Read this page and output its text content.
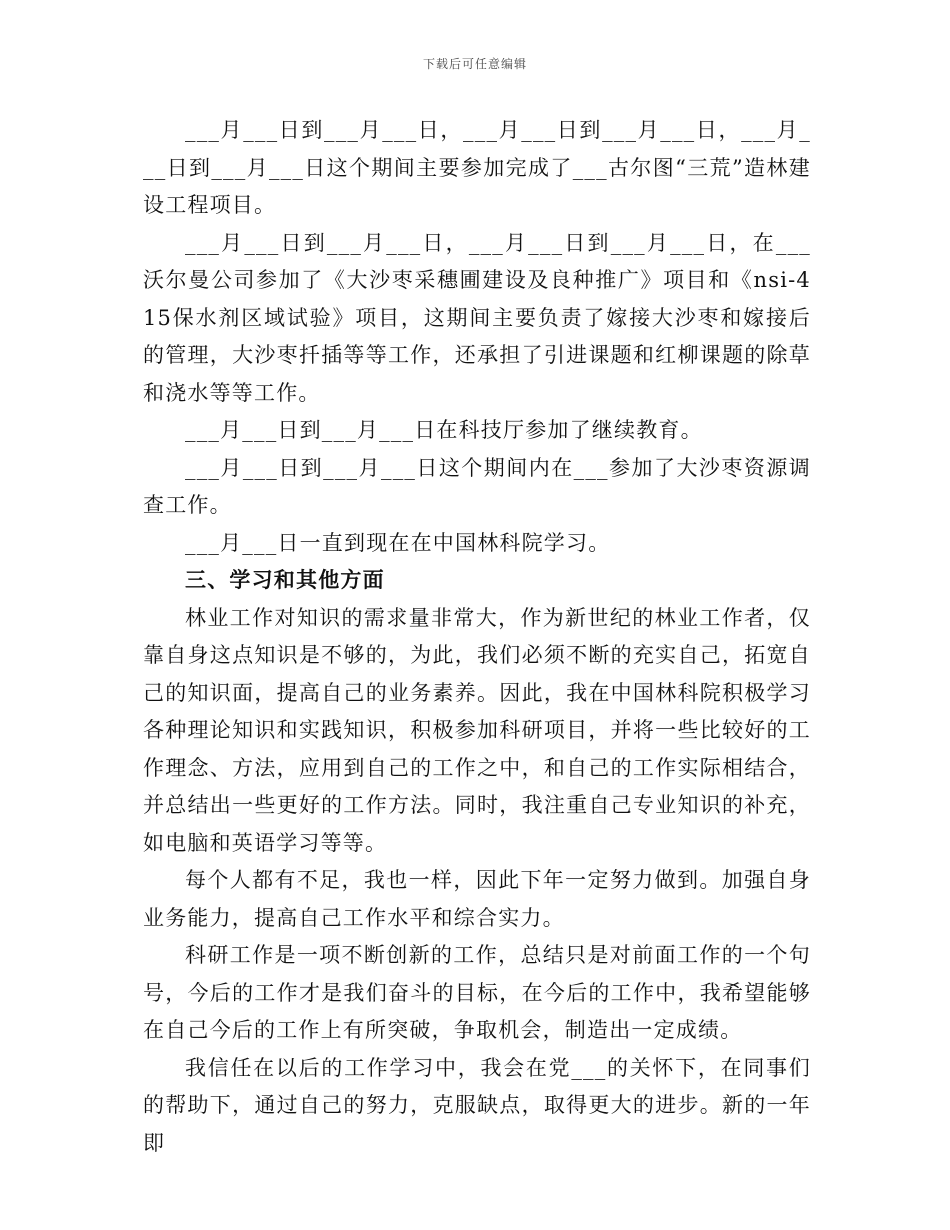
下载后可任意编辑

___月___日到___月___日，___月___日到___月___日，___月___日到___月___日这个期间主要参加完成了___古尔图“三荒”造林建设工程项目。

___月___日到___月___日，___月___日到___月___日，在___沃尔曼公司参加了《大沙枣采穗圃建设及良种推广》项目和《nsi-415保水剂区域试验》项目，这期间主要负责了嫁接大沙枣和嫁接后的管理，大沙枣扦插等等工作，还承担了引进课题和红柳课题的除草和浇水等等工作。

___月___日到___月___日在科技厅参加了继续教育。

___月___日到___月___日这个期间内在___参加了大沙枣资源调查工作。

___月___日一直到现在在中国林科院学习。

三、学习和其他方面

林业工作对知识的需求量非常大，作为新世纪的林业工作者，仅靠自身这点知识是不够的，为此，我们必须不断的充实自己，拓宽自己的知识面，提高自己的业务素养。因此，我在中国林科院积极学习各种理论知识和实践知识，积极参加科研项目，并将一些比较好的工作理念、方法，应用到自己的工作之中，和自己的工作实际相结合，并总结出一些更好的工作方法。同时，我注重自己专业知识的补充，如电脑和英语学习等等。

每个人都有不足，我也一样，因此下年一定努力做到。加强自身业务能力，提高自己工作水平和综合实力。

科研工作是一项不断创新的工作，总结只是对前面工作的一个句号，今后的工作才是我们奋斗的目标，在今后的工作中，我希望能够在自己今后的工作上有所突破，争取机会，制造出一定成绩。

我信任在以后的工作学习中，我会在党___的关怀下，在同事们的帮助下，通过自己的努力，克服缺点，取得更大的进步。新的一年即
